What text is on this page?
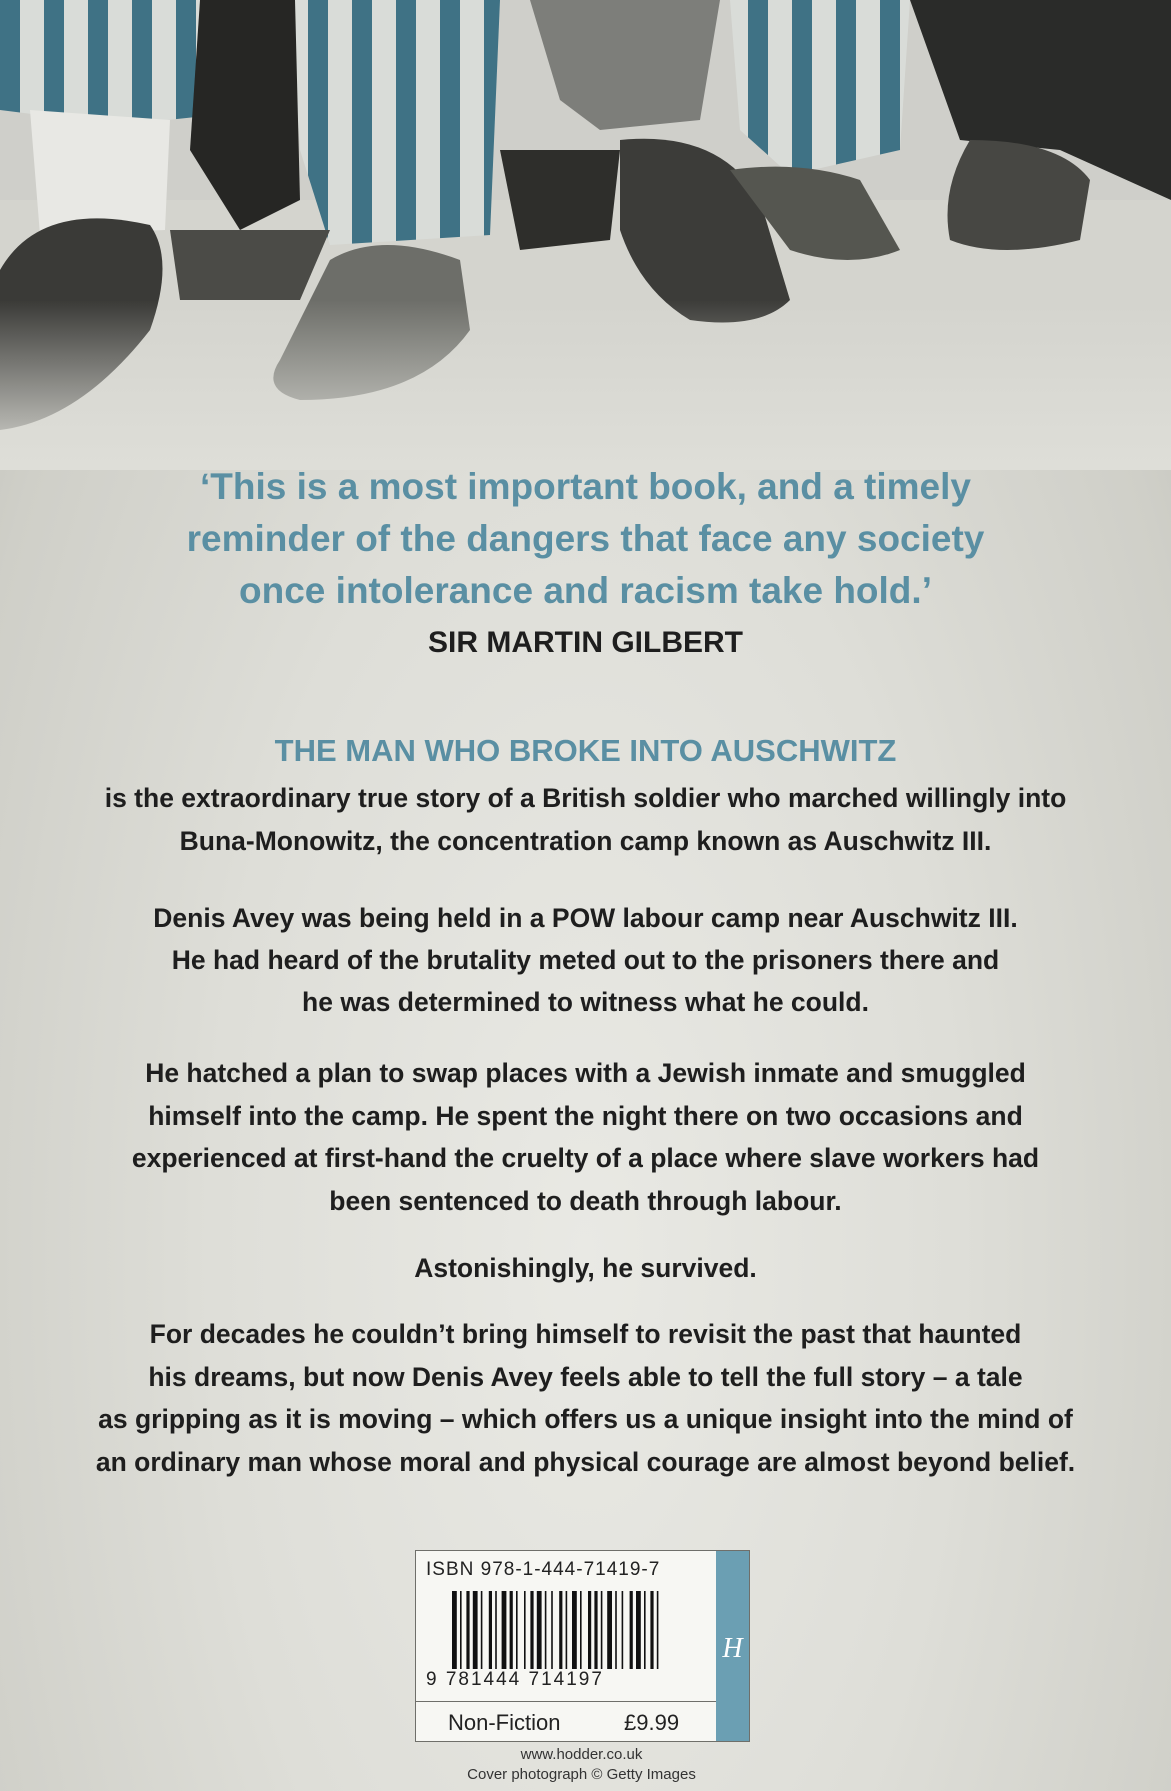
‘This is a most important book, and a timely
reminder of the dangers that face any society
once intolerance and racism take hold.’
SIR MARTIN GILBERT
THE MAN WHO BROKE INTO AUSCHWITZ
is the extraordinary true story of a British soldier who marched willingly into
Buna-Monowitz, the concentration camp known as Auschwitz III.
Denis Avey was being held in a POW labour camp near Auschwitz III.
He had heard of the brutality meted out to the prisoners there and
he was determined to witness what he could.
He hatched a plan to swap places with a Jewish inmate and smuggled
himself into the camp. He spent the night there on two occasions and
experienced at first-hand the cruelty of a place where slave workers had
been sentenced to death through labour.
Astonishingly, he survived.
For decades he couldn’t bring himself to revisit the past that haunted
his dreams, but now Denis Avey feels able to tell the full story – a tale
as gripping as it is moving – which offers us a unique insight into the mind of
an ordinary man whose moral and physical courage are almost beyond belief.
ISBN 978-1-444-71419-7
9 781444 714197
Non-Fiction	£9.99
H
www.hodder.co.uk
Cover photograph © Getty Images
